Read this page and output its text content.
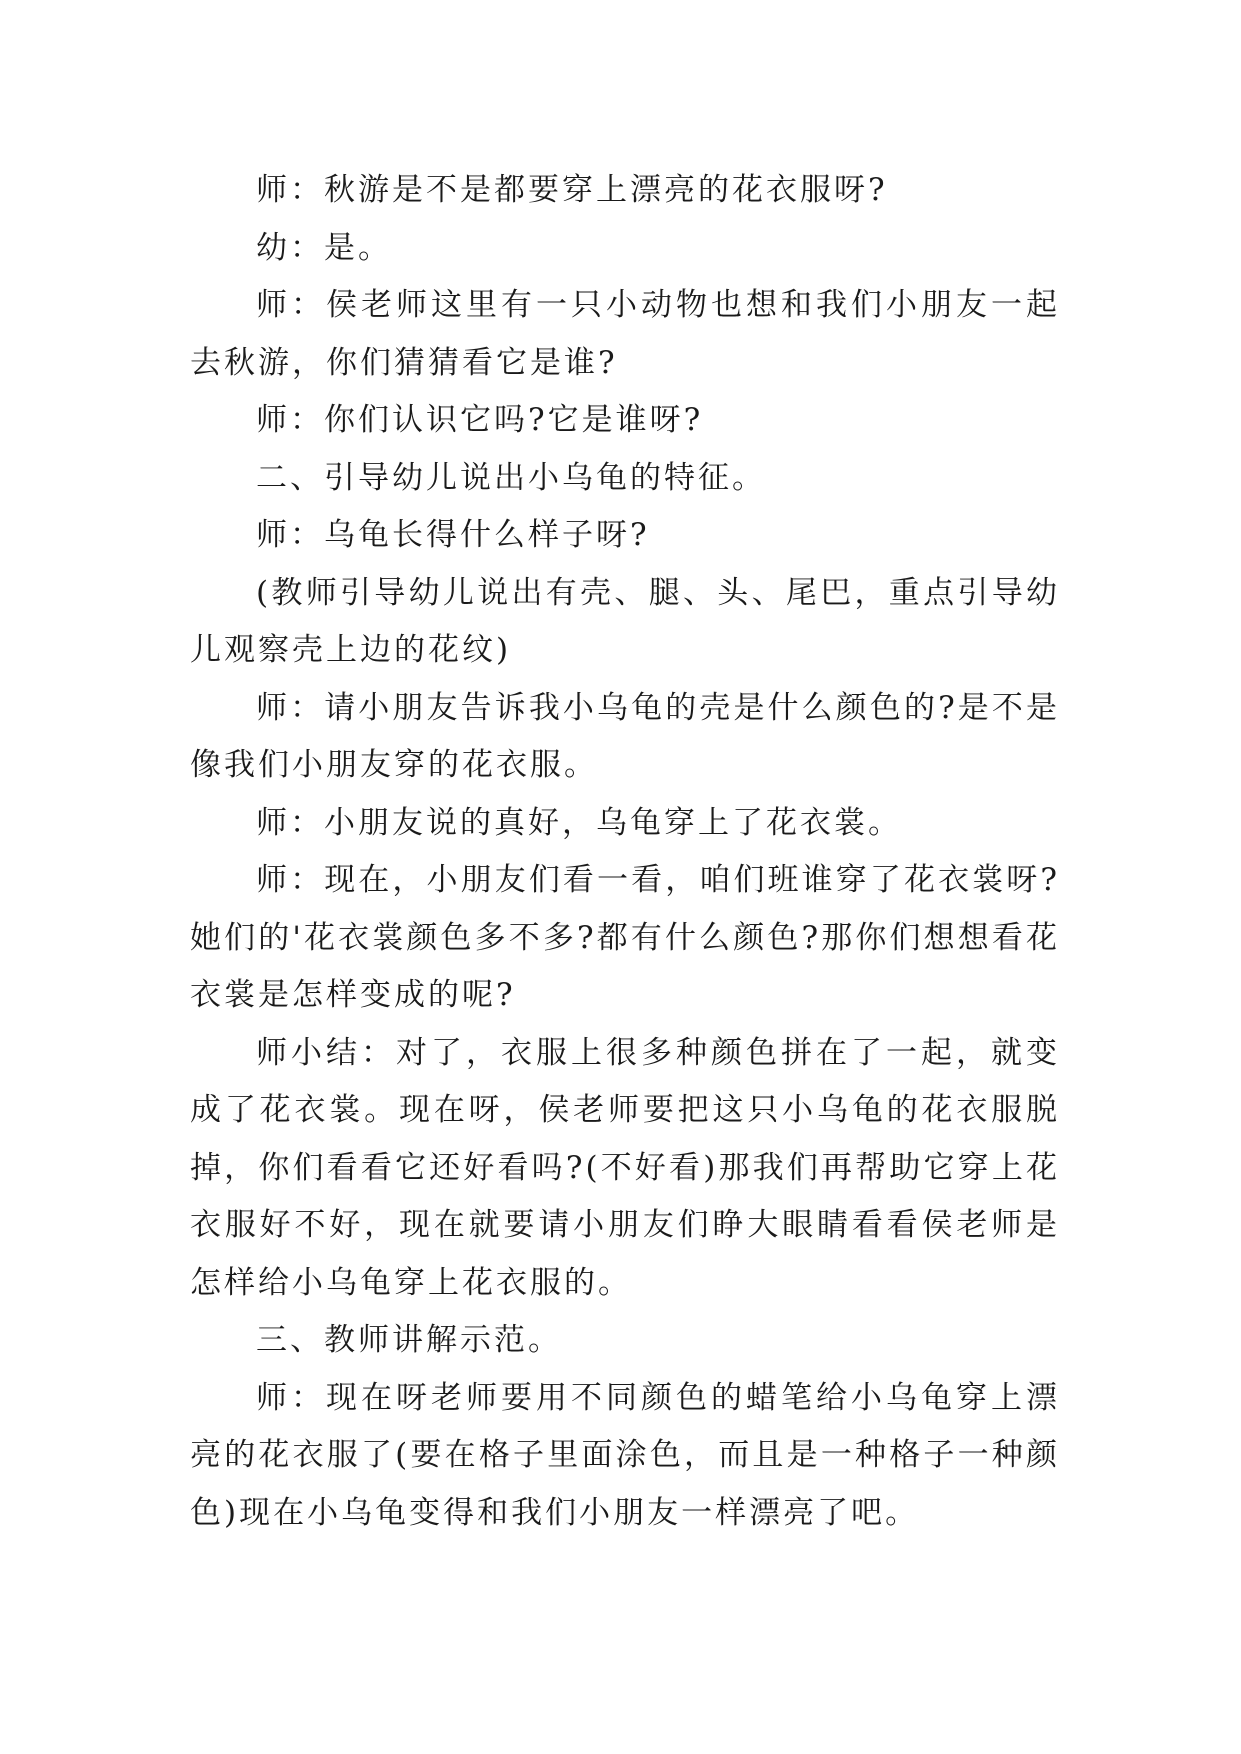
师：秋游是不是都要穿上漂亮的花衣服呀?

幼：是。

师：侯老师这里有一只小动物也想和我们小朋友一起去秋游，你们猜猜看它是谁?

师：你们认识它吗?它是谁呀?

二、引导幼儿说出小乌龟的特征。

师：乌龟长得什么样子呀?

(教师引导幼儿说出有壳、腿、头、尾巴，重点引导幼儿观察壳上边的花纹)

师：请小朋友告诉我小乌龟的壳是什么颜色的?是不是像我们小朋友穿的花衣服。

师：小朋友说的真好，乌龟穿上了花衣裳。

师：现在，小朋友们看一看，咱们班谁穿了花衣裳呀?她们的'花衣裳颜色多不多?都有什么颜色?那你们想想看花衣裳是怎样变成的呢?

师小结：对了，衣服上很多种颜色拼在了一起，就变成了花衣裳。现在呀，侯老师要把这只小乌龟的花衣服脱掉，你们看看它还好看吗?(不好看)那我们再帮助它穿上花衣服好不好，现在就要请小朋友们睁大眼睛看看侯老师是怎样给小乌龟穿上花衣服的。

三、教师讲解示范。

师：现在呀老师要用不同颜色的蜡笔给小乌龟穿上漂亮的花衣服了(要在格子里面涂色，而且是一种格子一种颜色)现在小乌龟变得和我们小朋友一样漂亮了吧。
